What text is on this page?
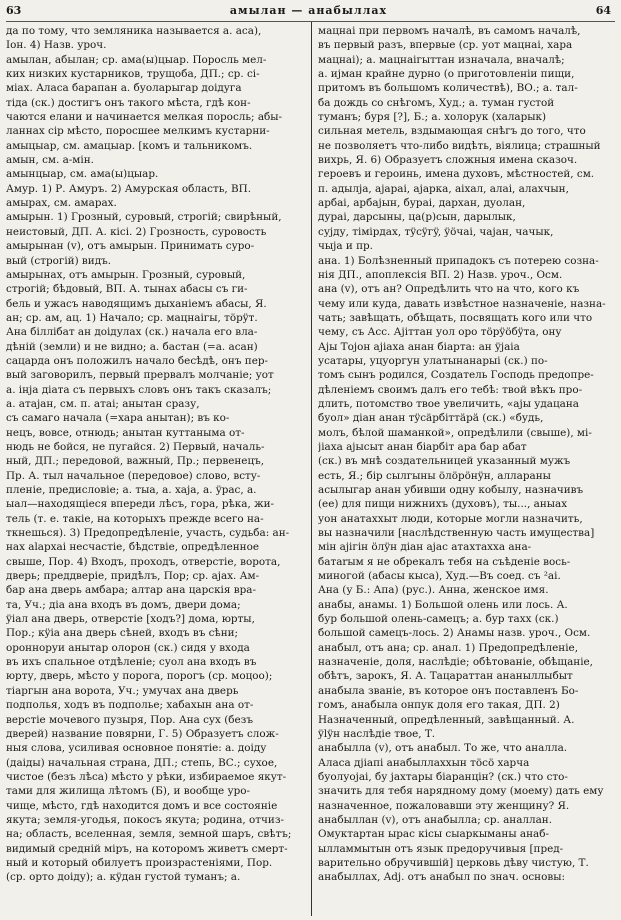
63	амылан — анабыллах	64
да по тому, что земляника называется а. аса),
Іон. 4) Назв. уроч.
амылан, абылан; ср. ама(ы)цыар. Поросль мел-
ких низких кустарников, трущоба, ДП.; ср. сі-
міах. Аласа барапан а. буоларыгар доідуга
тіда (ск.) достигъ онъ такого мѣста, гдѣ кон-
чаются елани и начинается мелкая поросль; абы-
ланнах сір мѣсто, поросшее мелкимъ кустарни-
амыцыар, см. амацыар. [комъ и тальникомъ.
амын, см. а-мін.
амынцыар, см. ама(ы)цыар.
Амур. 1) Р. Амуръ. 2) Амурская область, ВП.
амырах, см. амарах.
амырын. 1) Грозный, суровый, строгій; свирѣный,
неистовый, ДП. А. кісі. 2) Грозность, суровость
амырынан (v), отъ амырын. Принимать суро-
вый (строгій) видъ.
амырынах, отъ амырын. Грозный, суровый,
строгій; бѣдовый, ВП. А. тынах абасы съ ги-
бель и ужасъ наводящимъ дыханіемъ абасы, Я.
ан; ср. ам, ац. 1) Начало; ср. мацнаігы, тöрÿт.
Ана біллібат ан доідулах (ск.) начала его вла-
дѣній (земли) и не видно; а. бастан (=а. асан)
сацарда онъ положилъ начало бесѣдѣ, онъ пер-
вый заговорилъ, первый прервалъ молчаніе; уот
а. інjа діата съ первыхъ словъ онъ такъ сказалъ;
а. атаjан, см. п. атаі; анытан сразу,
съ самаго начала (=хара анытан); въ ко-
нецъ, вовсе, отнюдь; анытан куттаныма от-
нюдь не бойся, не пугайся. 2) Первый, началь-
ный, ДП.; передовой, важный, Пр.; первенецъ,
Пр. А. тыл начальное (передовое) слово, всту-
пленіе, предисловіе; а. тыа, а. хаjа, а. ÿрас, а.
ыал—находящіеся впереди лѣсъ, гора, рѣка, жи-
тель (т. е. такіе, на которыхъ прежде всего на-
ткнешься). 3) Предопредѣленіе, участь, судьба: ан-
нах аlархаі несчастіе, бѣдствіе, опредѣленное
свыше, Пор. 4) Входъ, проходъ, отверстіе, ворота,
дверь; преддверіе, придѣлъ, Пор; ср. аjах. Ам-
бар ана дверь амбара; алтар ана царскія вра-
та, Уч.; діа ана входъ въ домъ, двери дома;
ÿіал ана дверь, отверстіе [ходъ?] дома, юрты,
Пор.; кÿіа ана дверь сѣней, входъ въ сѣни;
оронноруи анытар олорон (ск.) сидя у входа
въ ихъ спальное отдѣленіе; суол ана входъ въ
юрту, дверь, мѣсто у порога, порогъ (ср. моцоо);
тіаргын ана ворота, Уч.; умучах ана дверь
подполья, ходъ въ подполье; хабахын ана от-
верстіе мочевого пузыря, Пор. Ана сух (безъ
дверей) название повярни, Г. 5) Образуетъ слож-
ныя слова, усиливая основное понятіе: а. доіду
(даіды) начальная страна, ДП.; степь, ВС.; сухое,
чистое (безъ лѣса) мѣсто у рѣки, избираемое якут-
тами для жилища лѣтомъ (Б), и вообще уро-
чище, мѣсто, гдѣ находится домъ и все состояніе
якута; земля-угодья, покосъ якута; родина, отчиз-
на; область, вселенная, земля, земной шаръ, свѣтъ;
видимый средній міръ, на которомъ живетъ смерт-
ный и который обилуетъ произрастеніями, Пор.
(ср. орто доіду); а. кÿдан густой туманъ; а.
мацнаі при первомъ началѣ, въ самомъ началѣ,
въ первый разъ, впервые (ср. уот мацнаі, хара
мацнаі); а. мацнаігыттан изначала, вначалѣ;
а. иjман крайне дурно (о приготовленіи пищи,
притомъ въ большомъ количествѣ), ВО.; а. тал-
ба дождь со снѣгомъ, Худ.; а. туман густой
туманъ; буря [?], Б.; а. холорук (халарык)
сильная метель, вздымающая снѣгъ до того, что
не позволяетъ что-либо видѣть, віялица; страшный
вихрь, Я. 6) Образуетъ сложныя имена сказоч.
героевъ и героинь, имена духовъ, мѣстностей, см.
п. адылja, аjарai, аjарка, аіхал, алаі, алахчын,
арбаі, арбаjын, бурai, дархан, дуолан,
дурai, дарсыны, ца(р)сын, дарылык,
суjду, тімірдах, тÿсÿгÿ, ÿöчai, чаjан, чачык,
чыjа и пр.
ана. 1) Болѣзненный припадокъ съ потерею созна-
нія ДП., апоплексія ВП. 2) Назв. уроч., Осм.
ана (v), отъ ан? Опредѣлить что на что, кого къ
чему или куда, давать извѣстное назначеніе, назна-
чать; завѣщать, обѣщать, посвящать кого или что
чему, съ Асс. Аjіттан уол оро тöрÿöбÿта, ону
Аjы Тоjон аjiаха анан біарта: ан ÿjаіа
усатары, уцуоргун улатынанарыі (ск.) по-
томъ сынъ родился, Создатель Господь предопре-
дѣленіемъ своимъ далъ его тебѣ: твой вѣкъ про-
длить, потомство твое увеличить, «аjы удацана
буол» діан анан тÿсäрбіттäрä (ск.) «будь,
молъ, бѣлой шаманкой», опредѣлили (свыше), мі-
jiаха аjысыт анан біарбіт ара бар абат
(ск.) въ мнѣ создательницей указанный мужъ
есть, Я.; бір сылгыны öлöрöнÿн, аллараны
асылыгар анан убивши одну кобылу, назначивъ
(ее) для пищи нижнихъ (духовъ), ты..., аныах
уон анатаххыт люди, которые могли назначить,
вы назначили [наслѣдственную часть имущества]
мін аjігін öлÿн діан аjас атахтаххa ана-
батаrым я не обрекалъ тебя на съѣденіе вось-
миногой (абасы кыса), Худ.—Въ соед. съ ²аі.
Ана (у Б.: Апа) (рус.). Анна, женское имя.
анабы, анамы. 1) Большой олень или лось. А.
бур большой олень-самецъ; а. бур тахх (ск.)
большой самецъ-лось. 2) Анамы назв. уроч., Осм.
анабыл, отъ ана; ср. анал. 1) Предопредѣленіе,
назначеніе, доля, наслѣдіе; обѣтованіе, обѣщаніе,
обѣтъ, зарокъ, Я. А. Тацараттан ананыллыбыт
анабыла званіе, въ которое онъ поставленъ Бо-
гомъ, анабыла онпук доля его такая, ДП. 2)
Назначенный, опредѣленный, завѣщанный. А.
ÿlÿн наслѣдіе твое, Т.
анабылла (v), отъ анабыл. То же, что аналла.
Аласа дjіапі анабыллаххын тöcö харча
буолуоjаі, бу jахтары біаранцін? (ск.) что сто-
значить для тебя нарядному дому (моему) дать ему
назначенное, пожаловавши эту женщину? Я.
анабыллан (v), отъ анабылла; ср. аналлан.
Омуктартан ырас кісы сыаркыманы анаб-
ылламмытын отъ язык предоручивыя [пред-
варительно обручившій] церковь дѣву чистую, Т.
анабыллах, Adj. отъ анабыл по знач. основы:
